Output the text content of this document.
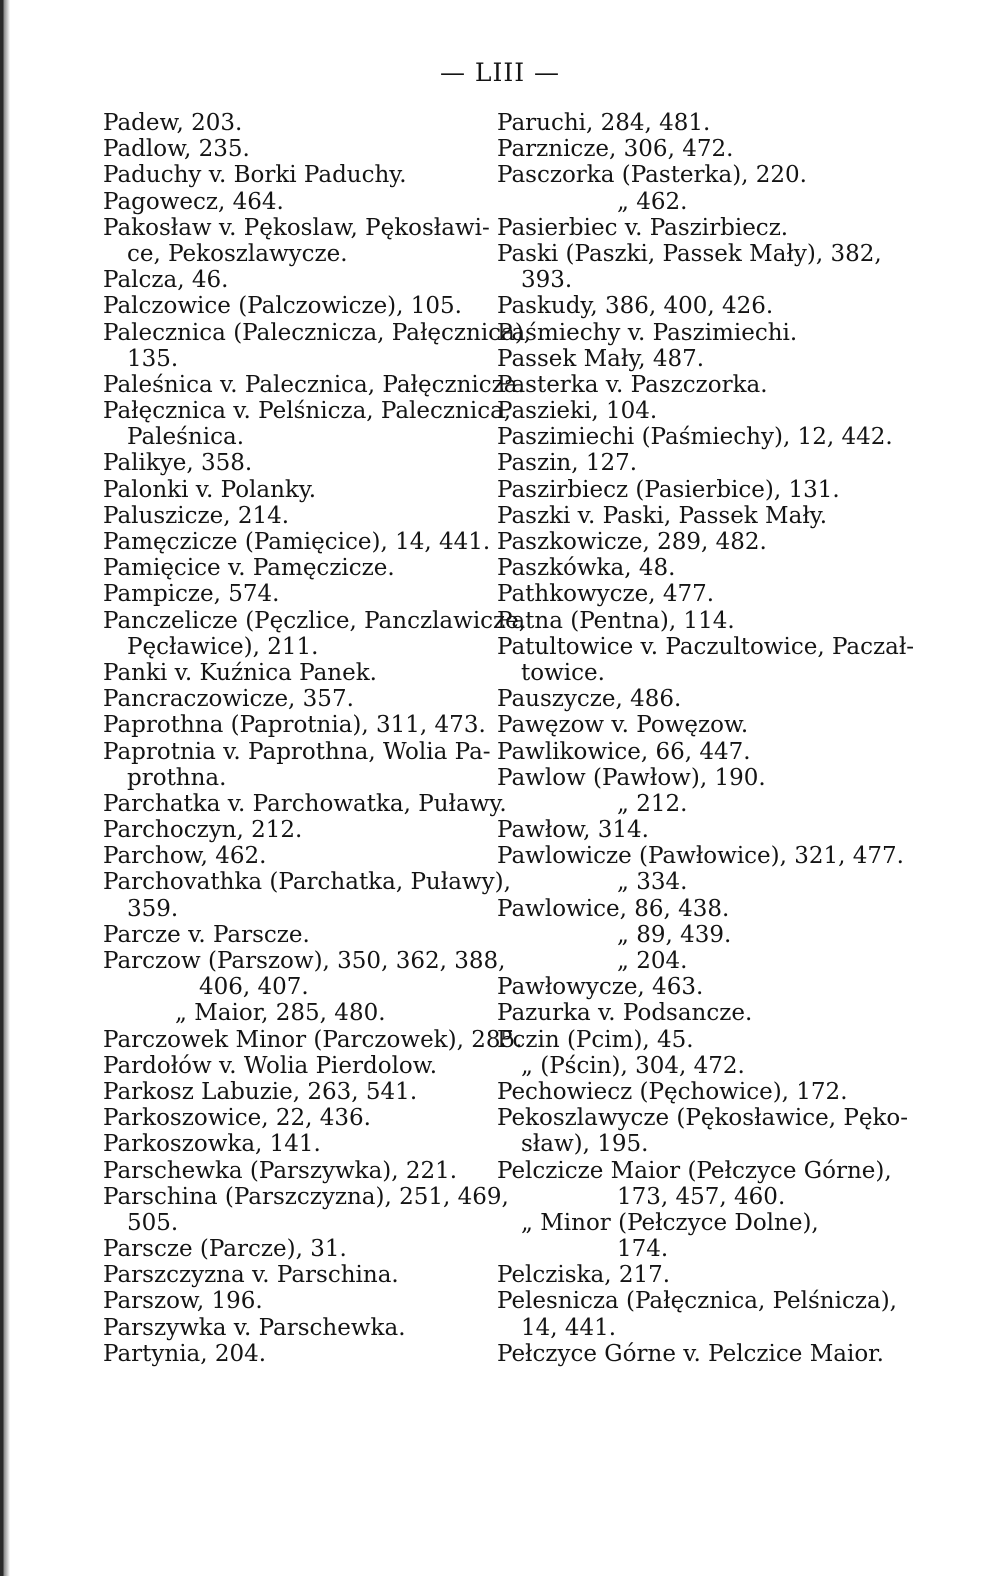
— LIII —
Padew, 203.
Padlow, 235.
Paduchy v. Borki Paduchy.
Pagowecz, 464.
Pakosław v. Pękoslaw, Pękosławi-
ce, Pekoszlawycze.
Palcza, 46.
Palczowice (Palczowicze), 105.
Palecznica (Palecznicza, Pałęcznica),
135.
Paleśnica v. Palecznica, Pałęcznicza.
Pałęcznica v. Pelśnicza, Palecznica,
Paleśnica.
Palikye, 358.
Palonki v. Polanky.
Paluszicze, 214.
Pamęczicze (Pamięcice), 14, 441.
Pamięcice v. Pamęczicze.
Pampicze, 574.
Panczelicze (Pęczlice, Panczlawicze,
Pęcławice), 211.
Panki v. Kuźnica Panek.
Pancraczowicze, 357.
Paprothna (Paprotnia), 311, 473.
Paprotnia v. Paprothna, Wolia Pa-
prothna.
Parchatka v. Parchowatka, Puławy.
Parchoczyn, 212.
Parchow, 462.
Parchovathka (Parchatka, Puławy),
359.
Parcze v. Parscze.
Parczow (Parszow), 350, 362, 388,
406, 407.
„ Maior, 285, 480.
Parczowek Minor (Parczowek), 285.
Pardołów v. Wolia Pierdolow.
Parkosz Labuzie, 263, 541.
Parkoszowice, 22, 436.
Parkoszowka, 141.
Parschewka (Parszywka), 221.
Parschina (Parszczyzna), 251, 469,
505.
Parscze (Parcze), 31.
Parszczyzna v. Parschina.
Parszow, 196.
Parszywka v. Parschewka.
Partynia, 204.
Paruchi, 284, 481.
Parznicze, 306, 472.
Pasczorka (Pasterka), 220.
„ 462.
Pasierbiec v. Paszirbiecz.
Paski (Paszki, Passek Mały), 382,
393.
Paskudy, 386, 400, 426.
Paśmiechy v. Paszimiechi.
Passek Mały, 487.
Pasterka v. Paszczorka.
Paszieki, 104.
Paszimiechi (Paśmiechy), 12, 442.
Paszin, 127.
Paszirbiecz (Pasierbice), 131.
Paszki v. Paski, Passek Mały.
Paszkowicze, 289, 482.
Paszkówka, 48.
Pathkowycze, 477.
Patna (Pentna), 114.
Patultowice v. Paczultowice, Paczał-
towice.
Pauszycze, 486.
Pawęzow v. Powęzow.
Pawlikowice, 66, 447.
Pawlow (Pawłow), 190.
„ 212.
Pawłow, 314.
Pawlowicze (Pawłowice), 321, 477.
„ 334.
Pawlowice, 86, 438.
„ 89, 439.
„ 204.
Pawłowycze, 463.
Pazurka v. Podsancze.
Pczin (Pcim), 45.
„ (Pścin), 304, 472.
Pechowiecz (Pęchowice), 172.
Pekoszlawycze (Pękosławice, Pęko-
sław), 195.
Pelczicze Maior (Pełczyce Górne),
173, 457, 460.
„ Minor (Pełczyce Dolne),
174.
Pelcziska, 217.
Pelesnicza (Pałęcznica, Pelśnicza),
14, 441.
Pełczyce Górne v. Pelczice Maior.
